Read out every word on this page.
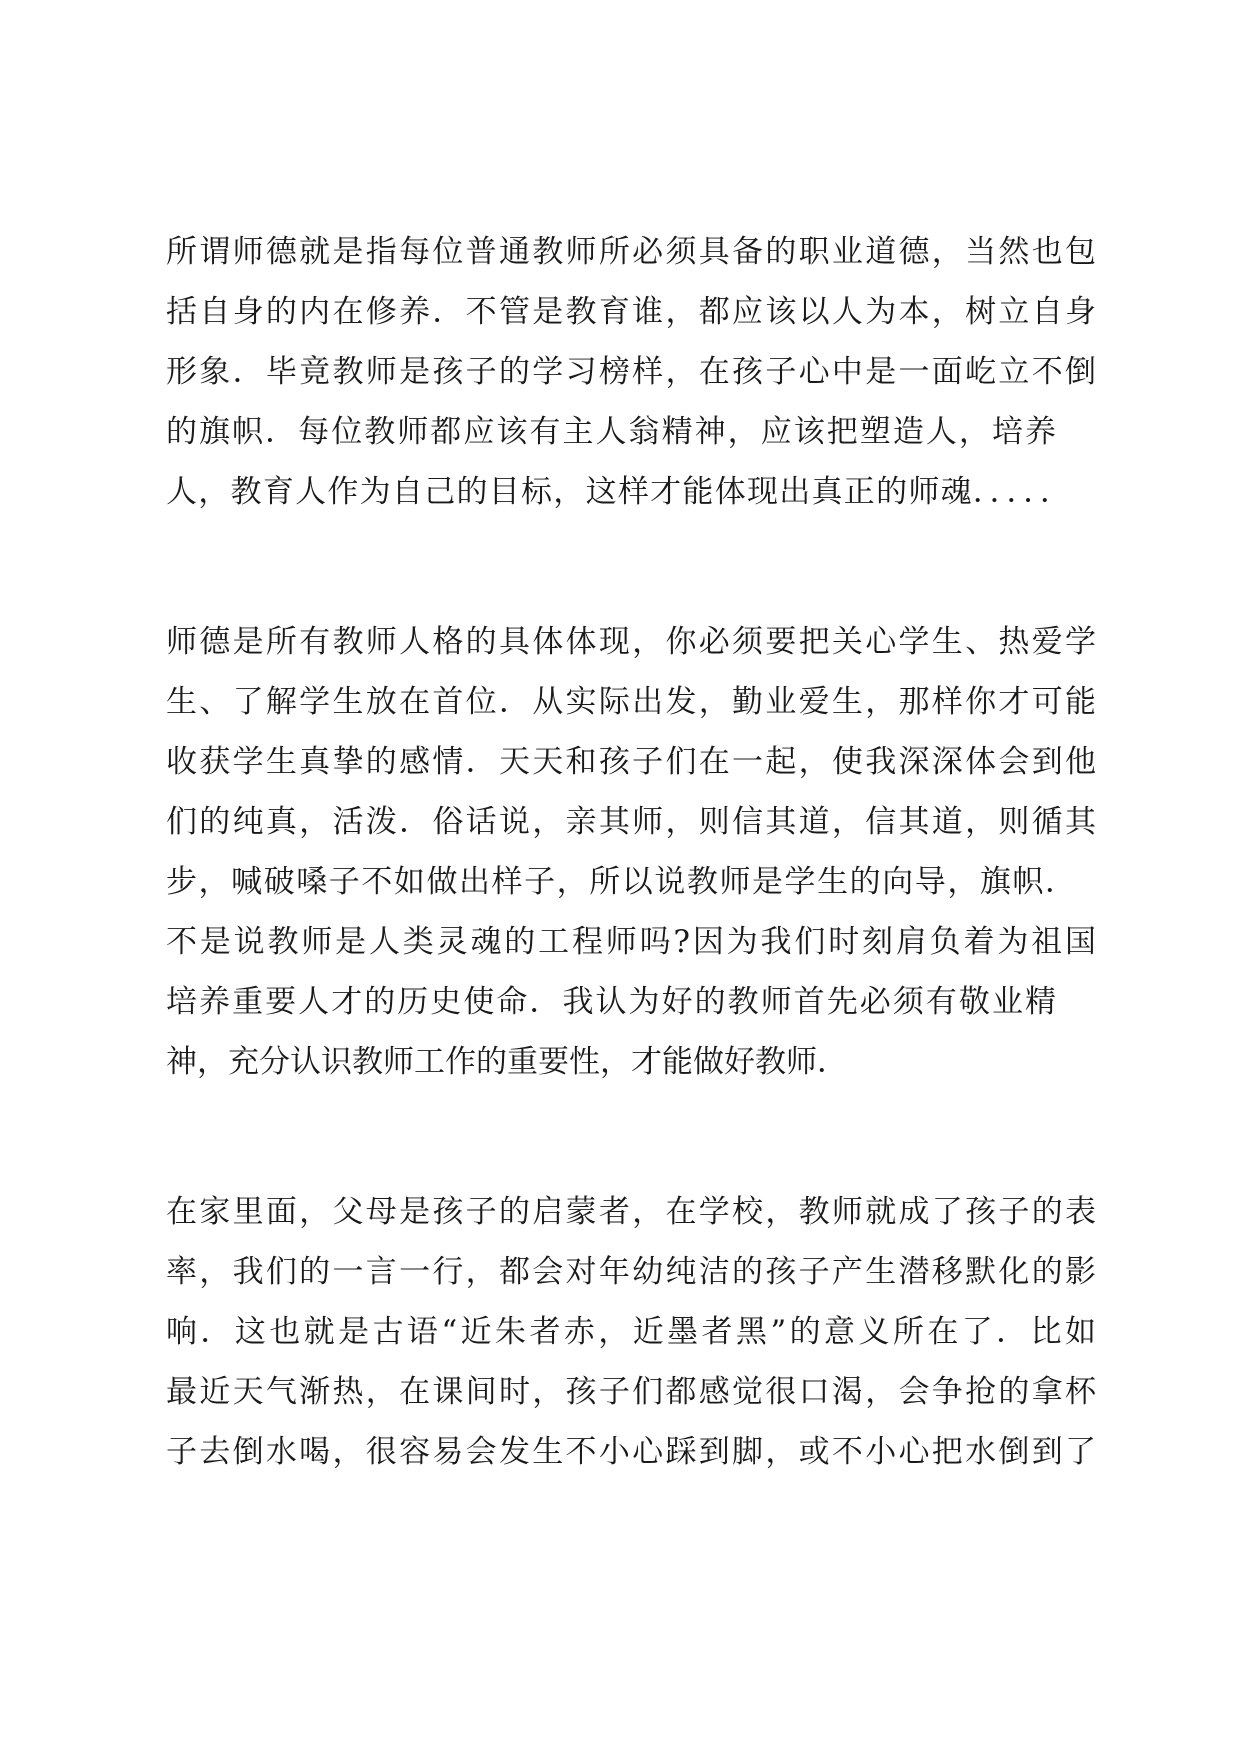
所谓师德就是指每位普通教师所必须具备的职业道德，当然也包
括自身的内在修养．不管是教育谁，都应该以人为本，树立自身
形象．毕竟教师是孩子的学习榜样，在孩子心中是一面屹立不倒
的旗帜．每位教师都应该有主人翁精神，应该把塑造人，培养
人，教育人作为自己的目标，这样才能体现出真正的师魂．．．．．
师德是所有教师人格的具体体现，你必须要把关心学生、热爱学
生、了解学生放在首位．从实际出发，勤业爱生，那样你才可能
收获学生真挚的感情．天天和孩子们在一起，使我深深体会到他
们的纯真，活泼．俗话说，亲其师，则信其道，信其道，则循其
步，喊破嗓子不如做出样子，所以说教师是学生的向导，旗帜．
不是说教师是人类灵魂的工程师吗?因为我们时刻肩负着为祖国
培养重要人才的历史使命．我认为好的教师首先必须有敬业精
神，充分认识教师工作的重要性，才能做好教师．
在家里面，父母是孩子的启蒙者，在学校，教师就成了孩子的表
率，我们的一言一行，都会对年幼纯洁的孩子产生潜移默化的影
响．这也就是古语“近朱者赤，近墨者黑”的意义所在了．比如
最近天气渐热，在课间时，孩子们都感觉很口渴，会争抢的拿杯
子去倒水喝，很容易会发生不小心踩到脚，或不小心把水倒到了
